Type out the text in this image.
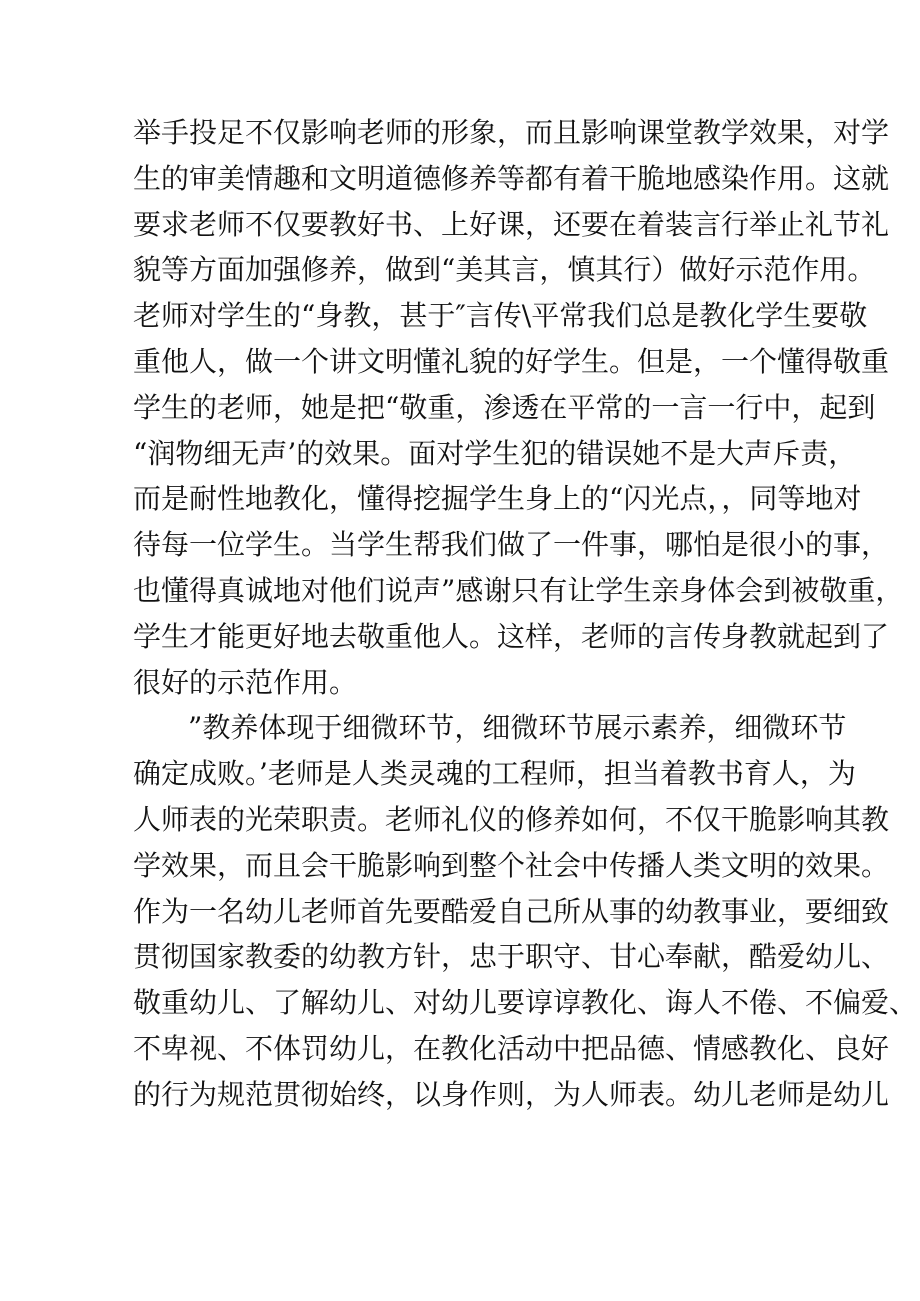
举手投足不仅影响老师的形象，而且影响课堂教学效果，对学
生的审美情趣和文明道德修养等都有着干脆地感染作用。这就
要求老师不仅要教好书、上好课，还要在着装言行举止礼节礼
貌等方面加强修养，做到“美其言，慎其行）做好示范作用。
老师对学生的“身教，甚于″言传\平常我们总是教化学生要敬
重他人，做一个讲文明懂礼貌的好学生。但是，一个懂得敬重
学生的老师，她是把“敬重，渗透在平常的一言一行中，起到
“润物细无声’的效果。面对学生犯的错误她不是大声斥责，
而是耐性地教化，懂得挖掘学生身上的“闪光点，，同等地对
待每一位学生。当学生帮我们做了一件事，哪怕是很小的事，
也懂得真诚地对他们说声”感谢只有让学生亲身体会到被敬重，
学生才能更好地去敬重他人。这样，老师的言传身教就起到了
很好的示范作用。
”教养体现于细微环节，细微环节展示素养，细微环节
确定成败。’老师是人类灵魂的工程师，担当着教书育人，为
人师表的光荣职责。老师礼仪的修养如何，不仅干脆影响其教
学效果，而且会干脆影响到整个社会中传播人类文明的效果。
作为一名幼儿老师首先要酷爱自己所从事的幼教事业，要细致
贯彻国家教委的幼教方针，忠于职守、甘心奉献，酷爱幼儿、
敬重幼儿、了解幼儿、对幼儿要谆谆教化、诲人不倦、不偏爱、
不卑视、不体罚幼儿，在教化活动中把品德、情感教化、良好
的行为规范贯彻始终，以身作则，为人师表。幼儿老师是幼儿
